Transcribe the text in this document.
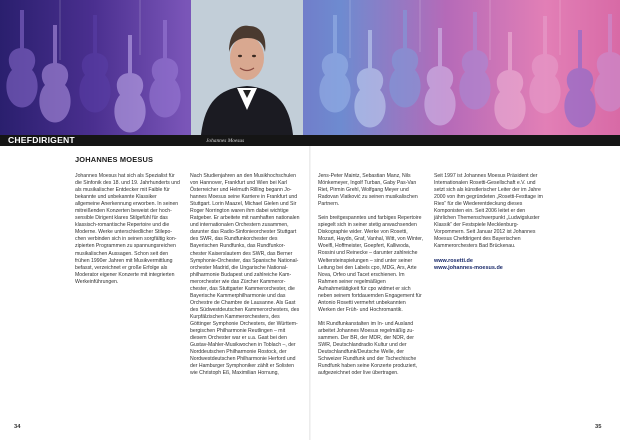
CHEFDIRIGENT	Johannes Moesus
JOHANNES MOESUS

Johannes Moesus hat sich als Spezialist für die Sinfonik des 18. und 19. Jahrhunderts und als musikalischer Entdecker mit Faible für bekannte und unbekannte Klassiker allgemeine Anerkennung erworben. In seinen mitreißenden Konzerten beweist der hochsensible Dirigent klares Stilgefühl für das klassisch-romantische Repertoire und die Moderne. Werke unterschiedlicher Stilepochen verbinden sich in seinen sorgfältig konzipierten Programmen zu spannungsreichen musikalischen Aussagen. Schon seit den frühen 1990er Jahren mit Musikvermittlung befasst, verzeichnet er große Erfolge als Moderator eigener Konzerte mit integrierten Werkeinführungen.

Nach Studienjahren an den Musikhochschulen von Hannover, Frankfurt und Wien bei Karl Österreicher und Helmuth Rilling begann Johannes Moesus seine Karriere in Frankfurt und Stuttgart. Lorin Maazel, Michael Gielen und Sir Roger Norrington waren ihm dabei wichtige Ratgeber. Er arbeitete mit namhaften nationalen und internationalen Orchestern zusammen, darunter das Radio-Sinfonieorchester Stuttgart des SWR, das Rundfunkorchester des Bayerischen Rundfunks, das Rundfunkorchester Kaiserslautern des SWR, das Berner Symphonie-Orchester, das Spanische Nationalorchester Madrid, die Ungarische Nationalphilharmonie Budapest und zahlreiche Kammerorchester wie das Zürcher Kammerorchester, das Stuttgarter Kammerorchester, die Bayerische Kammerphilharmonie und das Orchestre de Chambre de Lausanne. Als Gast des Südwestdeutschen Kammerorchesters, des Kurpfälzischen Kammerorchesters, des Göttinger Symphonie Orchesters, der Württembergischen Philharmonie Reutlingen – mit diesem Orchester war er u.a. Gast bei den Gustav-Mahler-Musikwochen in Toblach –, der Norddeutschen Philharmonie Rostock, der Nordwestdeutschen Philharmonie Herford und der Hamburger Symphoniker zählt er Solisten wie Christoph Eß, Maximilian Hornung,

Jens-Peter Maintz, Sebastian Manz, Nils Mönkemeyer, Ingolf Turban, Gaby Pas-Van Riet, Pirmin Grehl, Wolfgang Meyer und Radovan Vlatković zu seinen musikalischen Partnern.

Sein breitgespanntes und farbiges Repertoire spiegelt sich in seiner stetig anwachsenden Diskographie wider. Werke von Rosetti, Mozart, Haydn, Graf, Vanhal, Witt, von Winter, Woelfl, Hoffmeister, Goepfert, Kalliwoda, Rossini und Reinecke – darunter zahlreiche Weltersteinspielungen – sind unter seiner Leitung bei den Labels cpo, MDG, Ars, Arte Nova, Orfeo und Tacet erschienen. Im Rahmen seiner regelmäßigen Aufnahmetätigkeit für cpo widmet er sich neben seinem fortdauernden Engagement für Antonio Rosetti vermehrt unbekannten Werken der Früh- und Hochromantik.

Mit Rundfunkanstalten im In- und Ausland arbeitet Johannes Moesus regelmäßig zusammen. Der BR, der MDR, der NDR, der SWR, Deutschlandradio Kultur und der Deutschlandfunk/Deutsche Welle, der Schweizer Rundfunk und der Tschechische Rundfunk haben seine Konzerte produziert, aufgezeichnet oder live übertragen.

Seit 1997 ist Johannes Moesus Präsident der Internationalen Rosetti-Gesellschaft e.V. und setzt sich als künstlerischer Leiter der im Jahre 2000 von ihm gegründeten „Rosetti-Festtage im Ries“ für die Wiederentdeckung dieses Komponisten ein. Seit 2006 leitet er den jährlichen Themenschwerpunkt „Ludwigsluster Klassik“ der Festspiele Mecklenburg-Vorpommern. Seit Januar 2012 ist Johannes Moesus Chefdirigent des Bayerischen Kammerorchesters Bad Brückenau.

www.rosetti.de
www.johannes-moesus.de
34	35
